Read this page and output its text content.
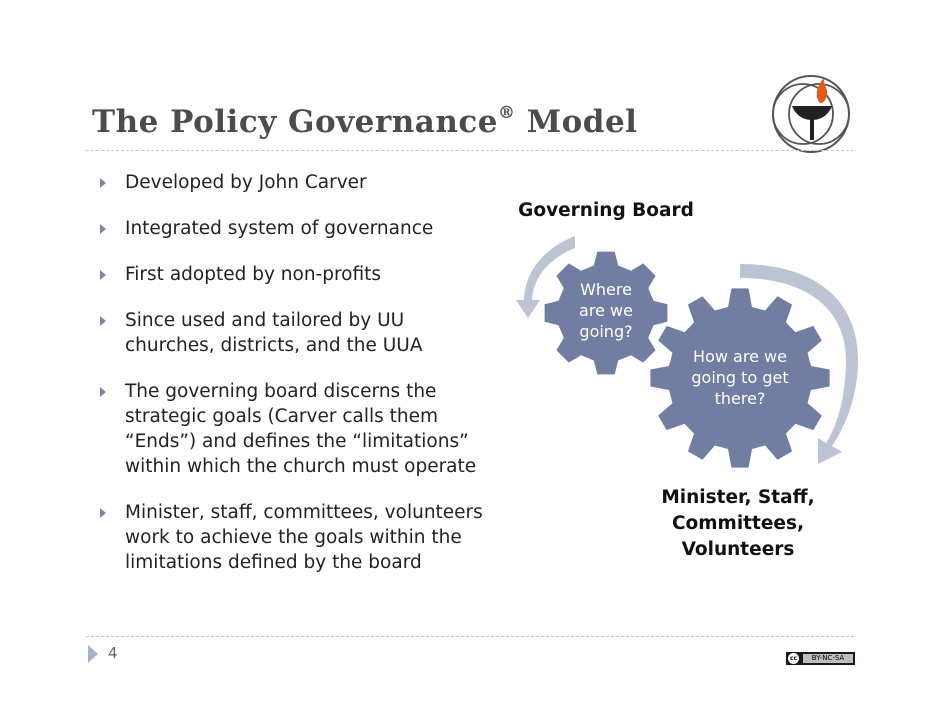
The Policy Governance® Model
Developed by John Carver
Integrated system of governance
First adopted by non-profits
Since used and tailored by UU churches, districts, and the UUA
The governing board discerns the strategic goals (Carver calls them “Ends”) and defines the “limitations” within which the church must operate
Minister, staff, committees, volunteers work to achieve the goals within the limitations defined by the board
Governing Board
Where
are we
going?
How are we
going to get
there?
Minister, Staff,
Committees,
Volunteers
4	cc	BY-NC-SA
